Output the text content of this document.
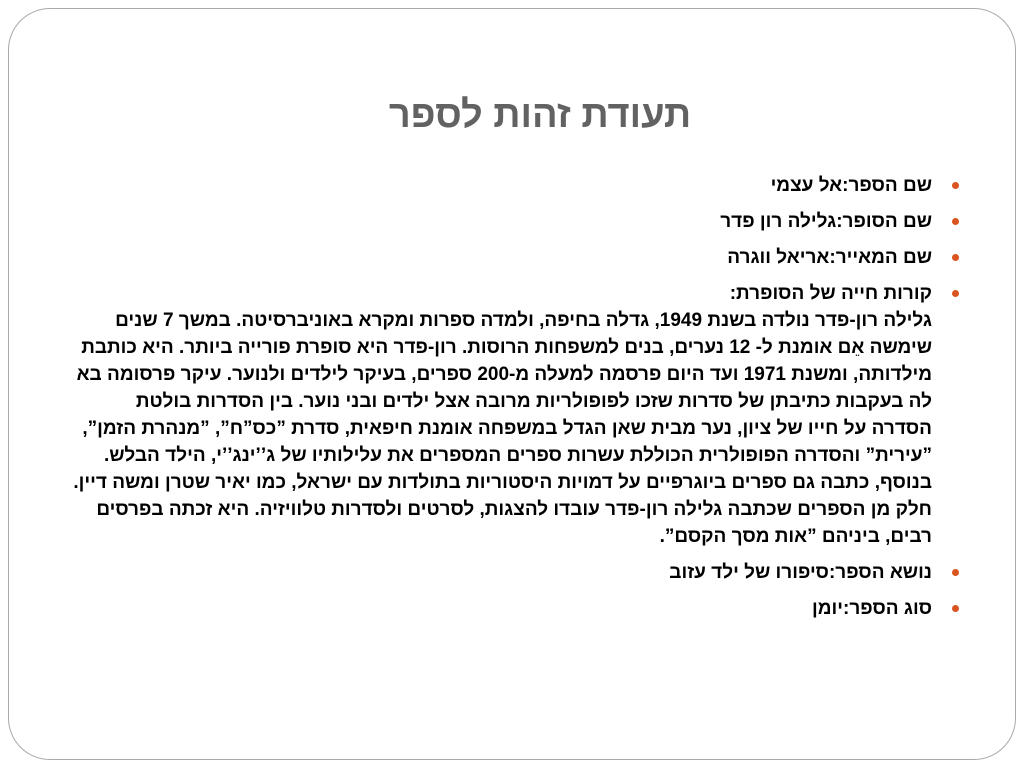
תעודת זהות לספר
שם הספר:אל עצמי
שם הסופר:גלילה רון פדר
שם המאייר:אריאל ווגרה
קורות חייה של הסופרת:
גלילה רון-פדר נולדה בשנת 1949, גדלה בחיפה, ולמדה ספרות ומקרא באוניברסיטה. במשך 7 שנים שימשה אֵם אומנת ל- 12 נערים, בנים למשפחות הרוסות. רון-פדר היא סופרת פורייה ביותר. היא כותבת מילדותה, ומשנת 1971 ועד היום פרסמה למעלה מ-200 ספרים, בעיקר לילדים ולנוער. עיקר פרסומה בא לה בעקבות כתיבתן של סדרות שזכו לפופולריות מרובה אצל ילדים ובני נוער. בין הסדרות בולטת הסדרה על חייו של ציון, נער מבית שאן הגדל במשפחה אומנת חיפאית, סדרת ”כס”ח”, ”מנהרת הזמן”, ”עירית” והסדרה הפופולרית הכוללת עשרות ספרים המספרים את עלילותיו של ג’’ינג’’י, הילד הבלש. בנוסף, כתבה גם ספרים ביוגרפיים על דמויות היסטוריות בתולדות עם ישראל, כמו יאיר שטרן ומשה דיין. חלק מן הספרים שכתבה גלילה רון-פדר עובדו להצגות, לסרטים ולסדרות טלוויזיה. היא זכתה בפרסים רבים, ביניהם ”אות מסך הקסם”.
נושא הספר:סיפורו של ילד עזוב
סוג הספר:יומן
